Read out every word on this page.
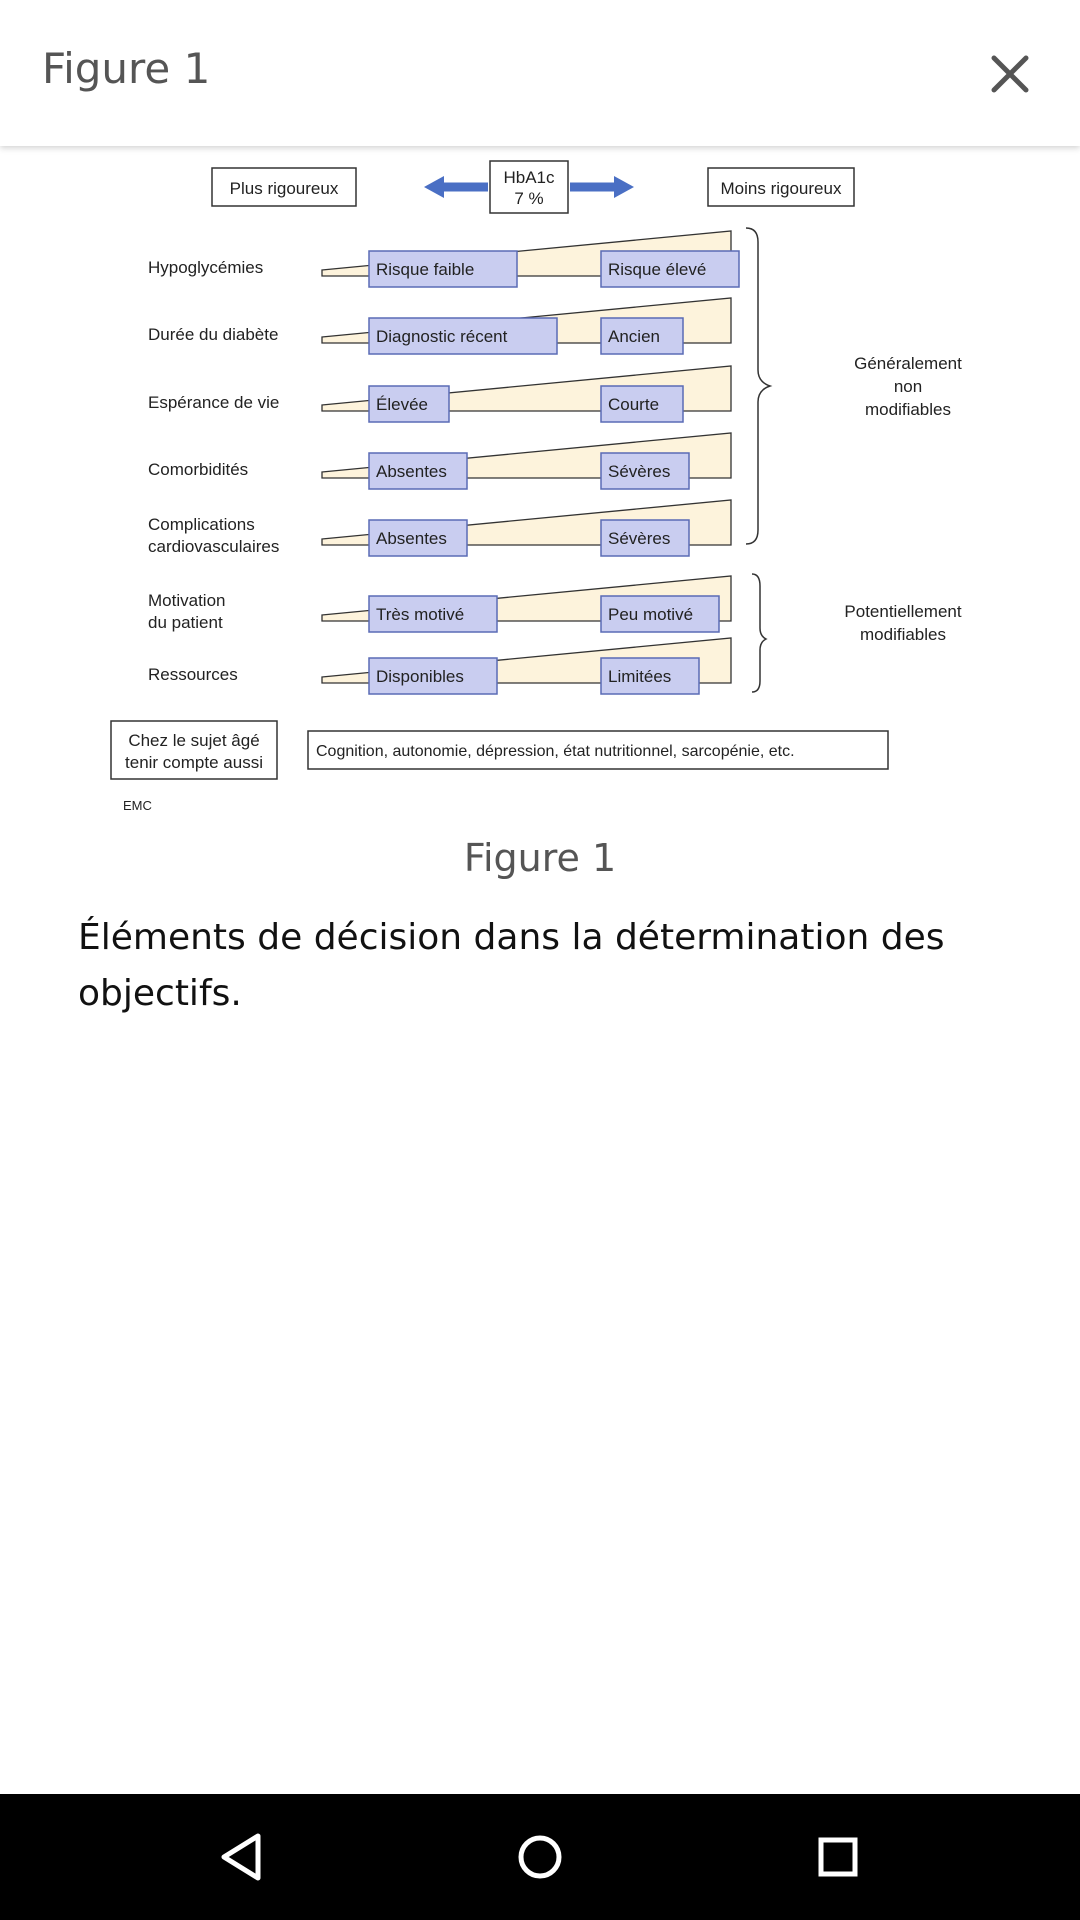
Figure 1
Plus rigoureux
HbA1c
7 %
Moins rigoureux
Hypoglycémies	Risque faible	Risque élevé
Durée du diabète	Diagnostic récent	Ancien
Espérance de vie	Élevée	Courte
Comorbidités	Absentes	Sévères
Complications
cardiovasculaires	Absentes	Sévères
Motivation
du patient	Très motivé	Peu motivé
Ressources	Disponibles	Limitées
Généralement
non
modifiables
Potentiellement
modifiables
Chez le sujet âgé
tenir compte aussi
Cognition, autonomie, dépression, état nutritionnel, sarcopénie, etc.
EMC
Figure 1
Éléments de décision dans la détermination des objectifs.
